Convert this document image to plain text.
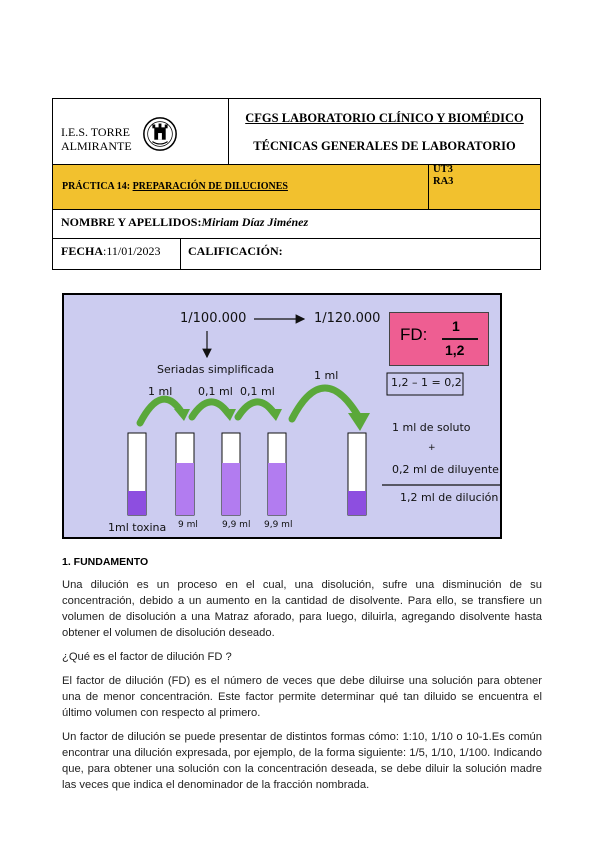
I.E.S. TORRE ALMIRANTE
CFGS LABORATORIO CLÍNICO Y BIOMÉDICO
TÉCNICAS GENERALES DE LABORATORIO
PRÁCTICA 14: PREPARACIÓN DE DILUCIONES
UT3
RA3
NOMBRE Y APELLIDOS:Miriam Díaz Jiménez
FECHA:11/01/2023	CALIFICACIÓN:
1/100.000	1/120.000
Seriadas simplificada
1 ml 0,1 ml 0,1 ml
1 ml
1ml toxina 9 ml	9,9 ml 9,9 ml
FD: 1
1,2
1,2 – 1 = 0,2
1 ml de soluto
+
0,2 ml de diluyente
1,2 ml de dilución
1. FUNDAMENTO
Una dilución es un proceso en el cual, una disolución, sufre una disminución de su concentración, debido a un aumento en la cantidad de disolvente. Para ello, se transfiere un volumen de disolución a una Matraz aforado, para luego, diluirla, agregando disolvente hasta obtener el volumen de disolución deseado.
¿Qué es el factor de dilución FD ?
El factor de dilución (FD) es el número de veces que debe diluirse una solución para obtener una de menor concentración. Este factor permite determinar qué tan diluido se encuentra el último volumen con respecto al primero.
Un factor de dilución se puede presentar de distintos formas cómo: 1:10, 1/10 o 10-1.Es común encontrar una dilución expresada, por ejemplo, de la forma siguiente: 1/5, 1/10, 1/100. Indicando que, para obtener una solución con la concentración deseada, se debe diluir la solución madre las veces que indica el denominador de la fracción nombrada.
